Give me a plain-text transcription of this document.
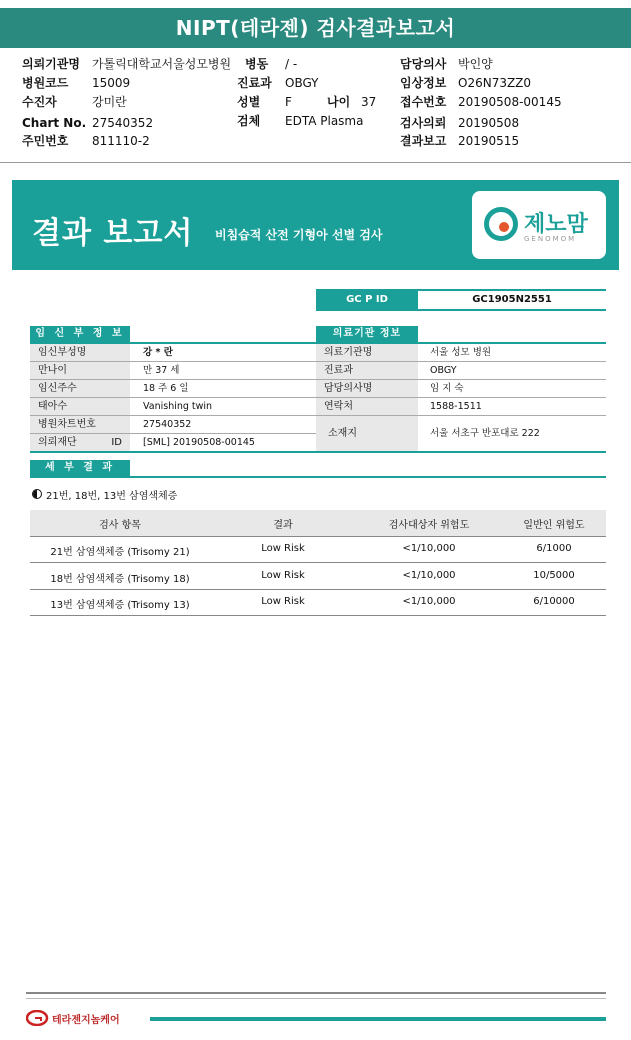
NIPT(테라젠) 검사결과보고서
의뢰기관명 가톨릭대학교서울성모병원
병원코드 15009
수진자	강미란
Chart No. 27540352
주민번호 811110-2
병동 / -
진료과 OBGY
성별 F	나이 37
검체 EDTA Plasma
담당의사 박인양
임상정보 O26N73ZZ0
접수번호 20190508-00145
검사의뢰 20190508
결과보고 20190515
결과 보고서 비침습적 산전 기형아 선별 검사	제노맘
GENOMOM
GC P ID	GC1905N2551
임 신 부 정 보	의료기관 정보
임신부성명	강 * 란
만나이	만 37 세
임신주수	18 주 6 일
태아수	Vanishing twin
병원차트번호	27540352
의뢰재단 ID	[SML] 20190508-00145
의료기관명	서울 성모 병원
진료과	OBGY
담당의사명	임 지 숙
연락처	1588-1511
소재지	서울 서초구 반포대로 222
세 부 결 과
21번, 18번, 13번 삼염색체증
검사 항목	결과	검사대상자 위험도	일반인 위험도
21번 삼염색체증 (Trisomy 21)	Low Risk	<1/10,000	6/1000
18번 삼염색체증 (Trisomy 18)	Low Risk	<1/10,000	10/5000
13번 삼염색체증 (Trisomy 13)	Low Risk	<1/10,000	6/10000
테라젠지놈케어
